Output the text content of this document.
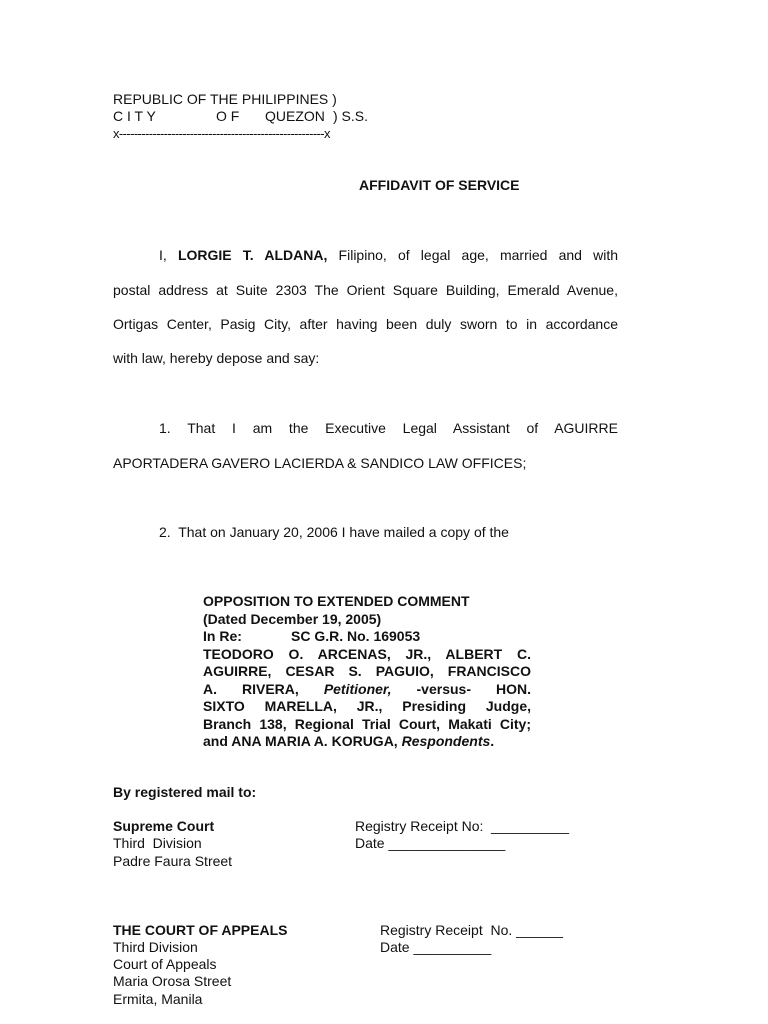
REPUBLIC OF THE PHILIPPINES )
C I T Y	O F QUEZON ) S.S.
x-------------------------------------------------------x
AFFIDAVIT OF SERVICE
I, LORGIE T. ALDANA, Filipino, of legal age, married and with
postal address at Suite 2303 The Orient Square Building, Emerald Avenue,
Ortigas Center, Pasig City, after having been duly sworn to in accordance
with law, hereby depose and say:
1. That I am the Executive Legal Assistant of AGUIRRE
APORTADERA GAVERO LACIERDA & SANDICO LAW OFFICES;
2.  That on January 20, 2006 I have mailed a copy of the
OPPOSITION TO EXTENDED COMMENT
(Dated December 19, 2005)
In Re:	SC G.R. No. 169053
TEODORO O. ARCENAS, JR., ALBERT C.
AGUIRRE, CESAR S. PAGUIO, FRANCISCO
A. RIVERA, Petitioner, -versus- HON.
SIXTO MARELLA, JR., Presiding Judge,
Branch 138, Regional Trial Court, Makati City;
and ANA MARIA A. KORUGA, Respondents.
By registered mail to:
Supreme Court
Third  Division
Padre Faura Street
Registry Receipt No:  __________
Date _______________
THE COURT OF APPEALS
Third Division
Court of Appeals
Maria Orosa Street
Ermita, Manila
Registry Receipt  No. ______
Date __________
